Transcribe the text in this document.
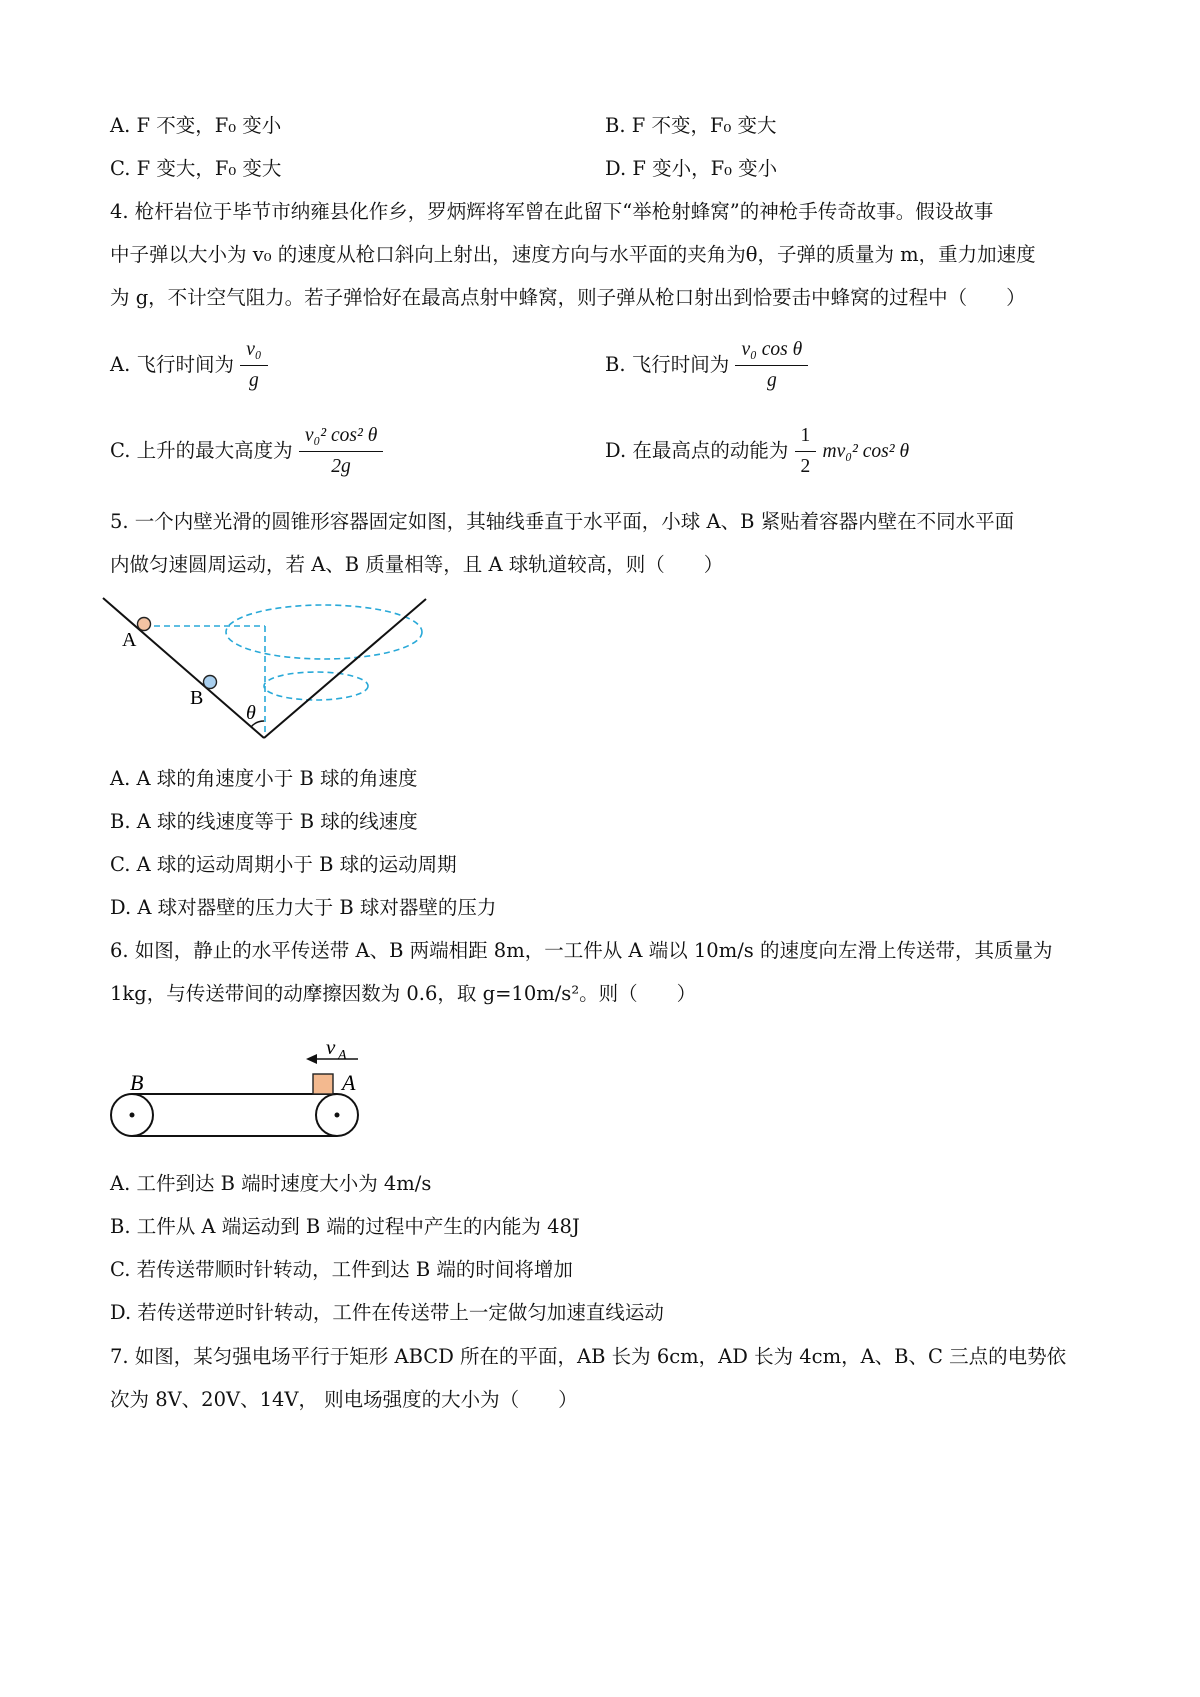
A. F 不变，F₀ 变小	B. F 不变，F₀ 变大
C. F 变大，F₀ 变大	D. F 变小，F₀ 变小
4. 枪杆岩位于毕节市纳雍县化作乡，罗炳辉将军曾在此留下“举枪射蜂窝”的神枪手传奇故事。假设故事
中子弹以大小为 v₀ 的速度从枪口斜向上射出，速度方向与水平面的夹角为θ，子弹的质量为 m，重力加速度
为 g，不计空气阻力。若子弹恰好在最高点射中蜂窝，则子弹从枪口射出到恰要击中蜂窝的过程中（　　）
A. 飞行时间为 $\frac{\text{v₀}}{g}$	B. 飞行时间为 $\frac{\text{v₀ cos θ}}{g}$
C. 上升的最大高度为 $\frac{\text{v₀² cos² θ}}{2g}$	D. 在最高点的动能为 $\frac{1}{2} mv_0^2$ cos² θ
5. 一个内壁光滑的圆锥形容器固定如图，其轴线垂直于水平面，小球 A、B 紧贴着容器内壁在不同水平面
内做匀速圆周运动，若 A、B 质量相等，且 A 球轨道较高，则（　　）
A
B
θ
A. A 球的角速度小于 B 球的角速度
B. A 球的线速度等于 B 球的线速度
C. A 球的运动周期小于 B 球的运动周期
D. A 球对器壁的压力大于 B 球对器壁的压力
6. 如图，静止的水平传送带 A、B 两端相距 8m，一工件从 A 端以 10m/s 的速度向左滑上传送带，其质量为
1kg，与传送带间的动摩擦因数为 0.6，取 g=10m/s²。则（　　）
v A
B	A
A. 工件到达 B 端时速度大小为 4m/s
B. 工件从 A 端运动到 B 端的过程中产生的内能为 48J
C. 若传送带顺时针转动，工件到达 B 端的时间将增加
D. 若传送带逆时针转动，工件在传送带上一定做匀加速直线运动
7. 如图，某匀强电场平行于矩形 ABCD 所在的平面，AB 长为 6cm，AD 长为 4cm，A、B、C 三点的电势依
次为 8V、20V、14V， 则电场强度的大小为（　　）
